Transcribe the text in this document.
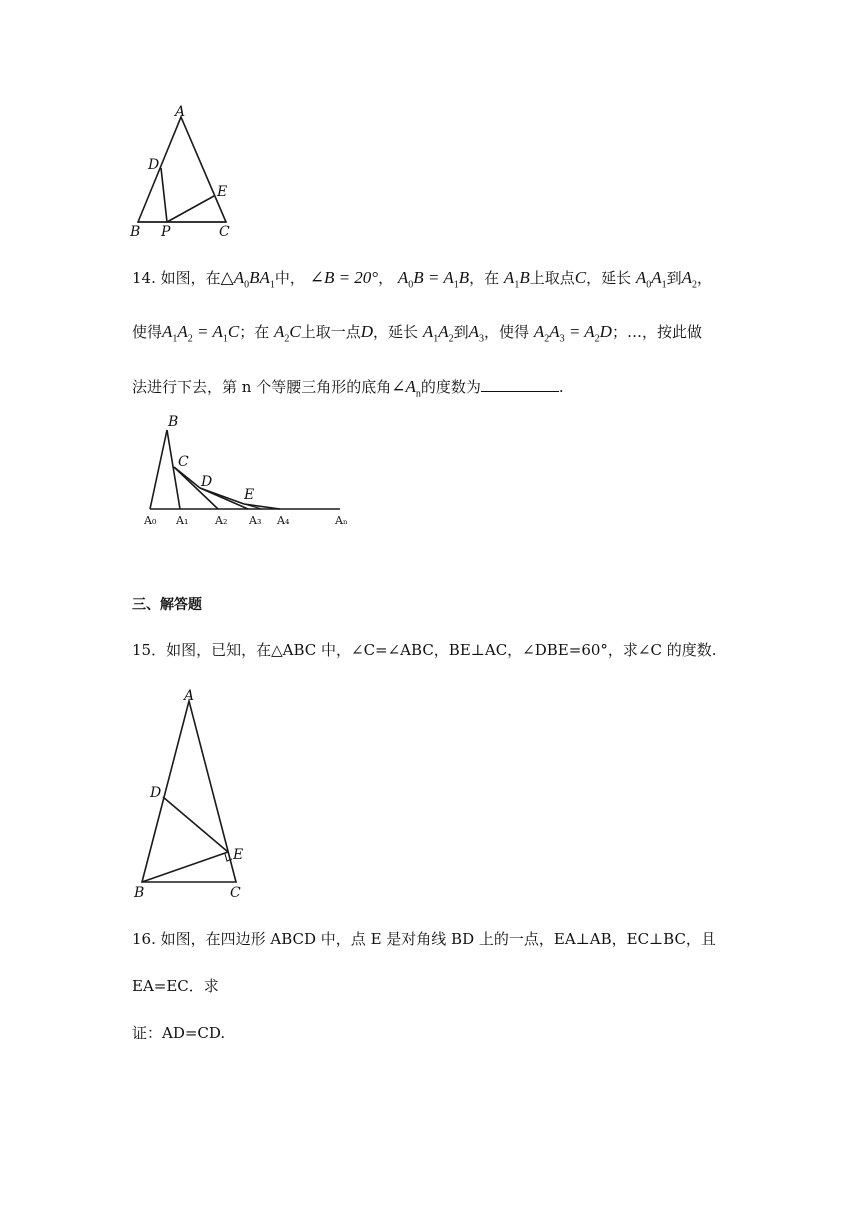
A
D
E
B P	C

14. 如图，在$\triangle A_0BA_1$中， ∠B = 20°， $A_0B = A_1B$，在 $A_1B$上取点C，延长 $A_0A_1$到$A_2$，
使得$A_1A_2 = A_1C$；在 $A_2C$上取一点D，延长 $A_1A_2$到$A_3$，使得 $A_2A_3 = A_2D$；…，按此做
法进行下去，第 n 个等腰三角形的底角$\angle A_n$的度数为	.

B
C
D
E
A₀ A₁ A₂ A₃ A₄	Aₙ
三、解答题

15．如图，已知，在△ABC 中，∠C=∠ABC，BE⊥AC，∠DBE=60°，求∠C 的度数.

A
D
E
B	C

16. 如图，在四边形 ABCD 中，点 E 是对角线 BD 上的一点，EA⊥AB，EC⊥BC，且 EA=EC．求
证：AD=CD.
